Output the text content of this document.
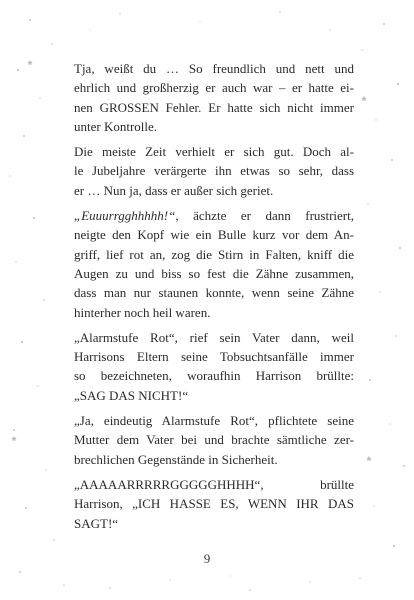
Tja, weißt du … So freundlich und nett und
ehrlich und großherzig er auch war – er hatte ei-
nen GROSSEN Fehler. Er hatte sich nicht immer
unter Kontrolle.

Die meiste Zeit verhielt er sich gut. Doch al-
le Jubeljahre verärgerte ihn etwas so sehr, dass
er … Nun ja, dass er außer sich geriet.

„Euuurrgghhhhh!“, ächzte er dann frustriert,
neigte den Kopf wie ein Bulle kurz vor dem An-
griff, lief rot an, zog die Stirn in Falten, kniff die
Augen zu und biss so fest die Zähne zusammen,
dass man nur staunen konnte, wenn seine Zähne
hinterher noch heil waren.

„Alarmstufe Rot“, rief sein Vater dann, weil
Harrisons Eltern seine Tobsuchtsanfälle immer
so bezeichneten, woraufhin Harrison brüllte:
„SAG DAS NICHT!“

„Ja, eindeutig Alarmstufe Rot“, pflichtete seine
Mutter dem Vater bei und brachte sämtliche zer-
brechlichen Gegenstände in Sicherheit.

„AAAAARRRRRGGGGGHHHH“, brüllte
Harrison, „ICH HASSE ES, WENN IHR DAS
SAGT!“

9
